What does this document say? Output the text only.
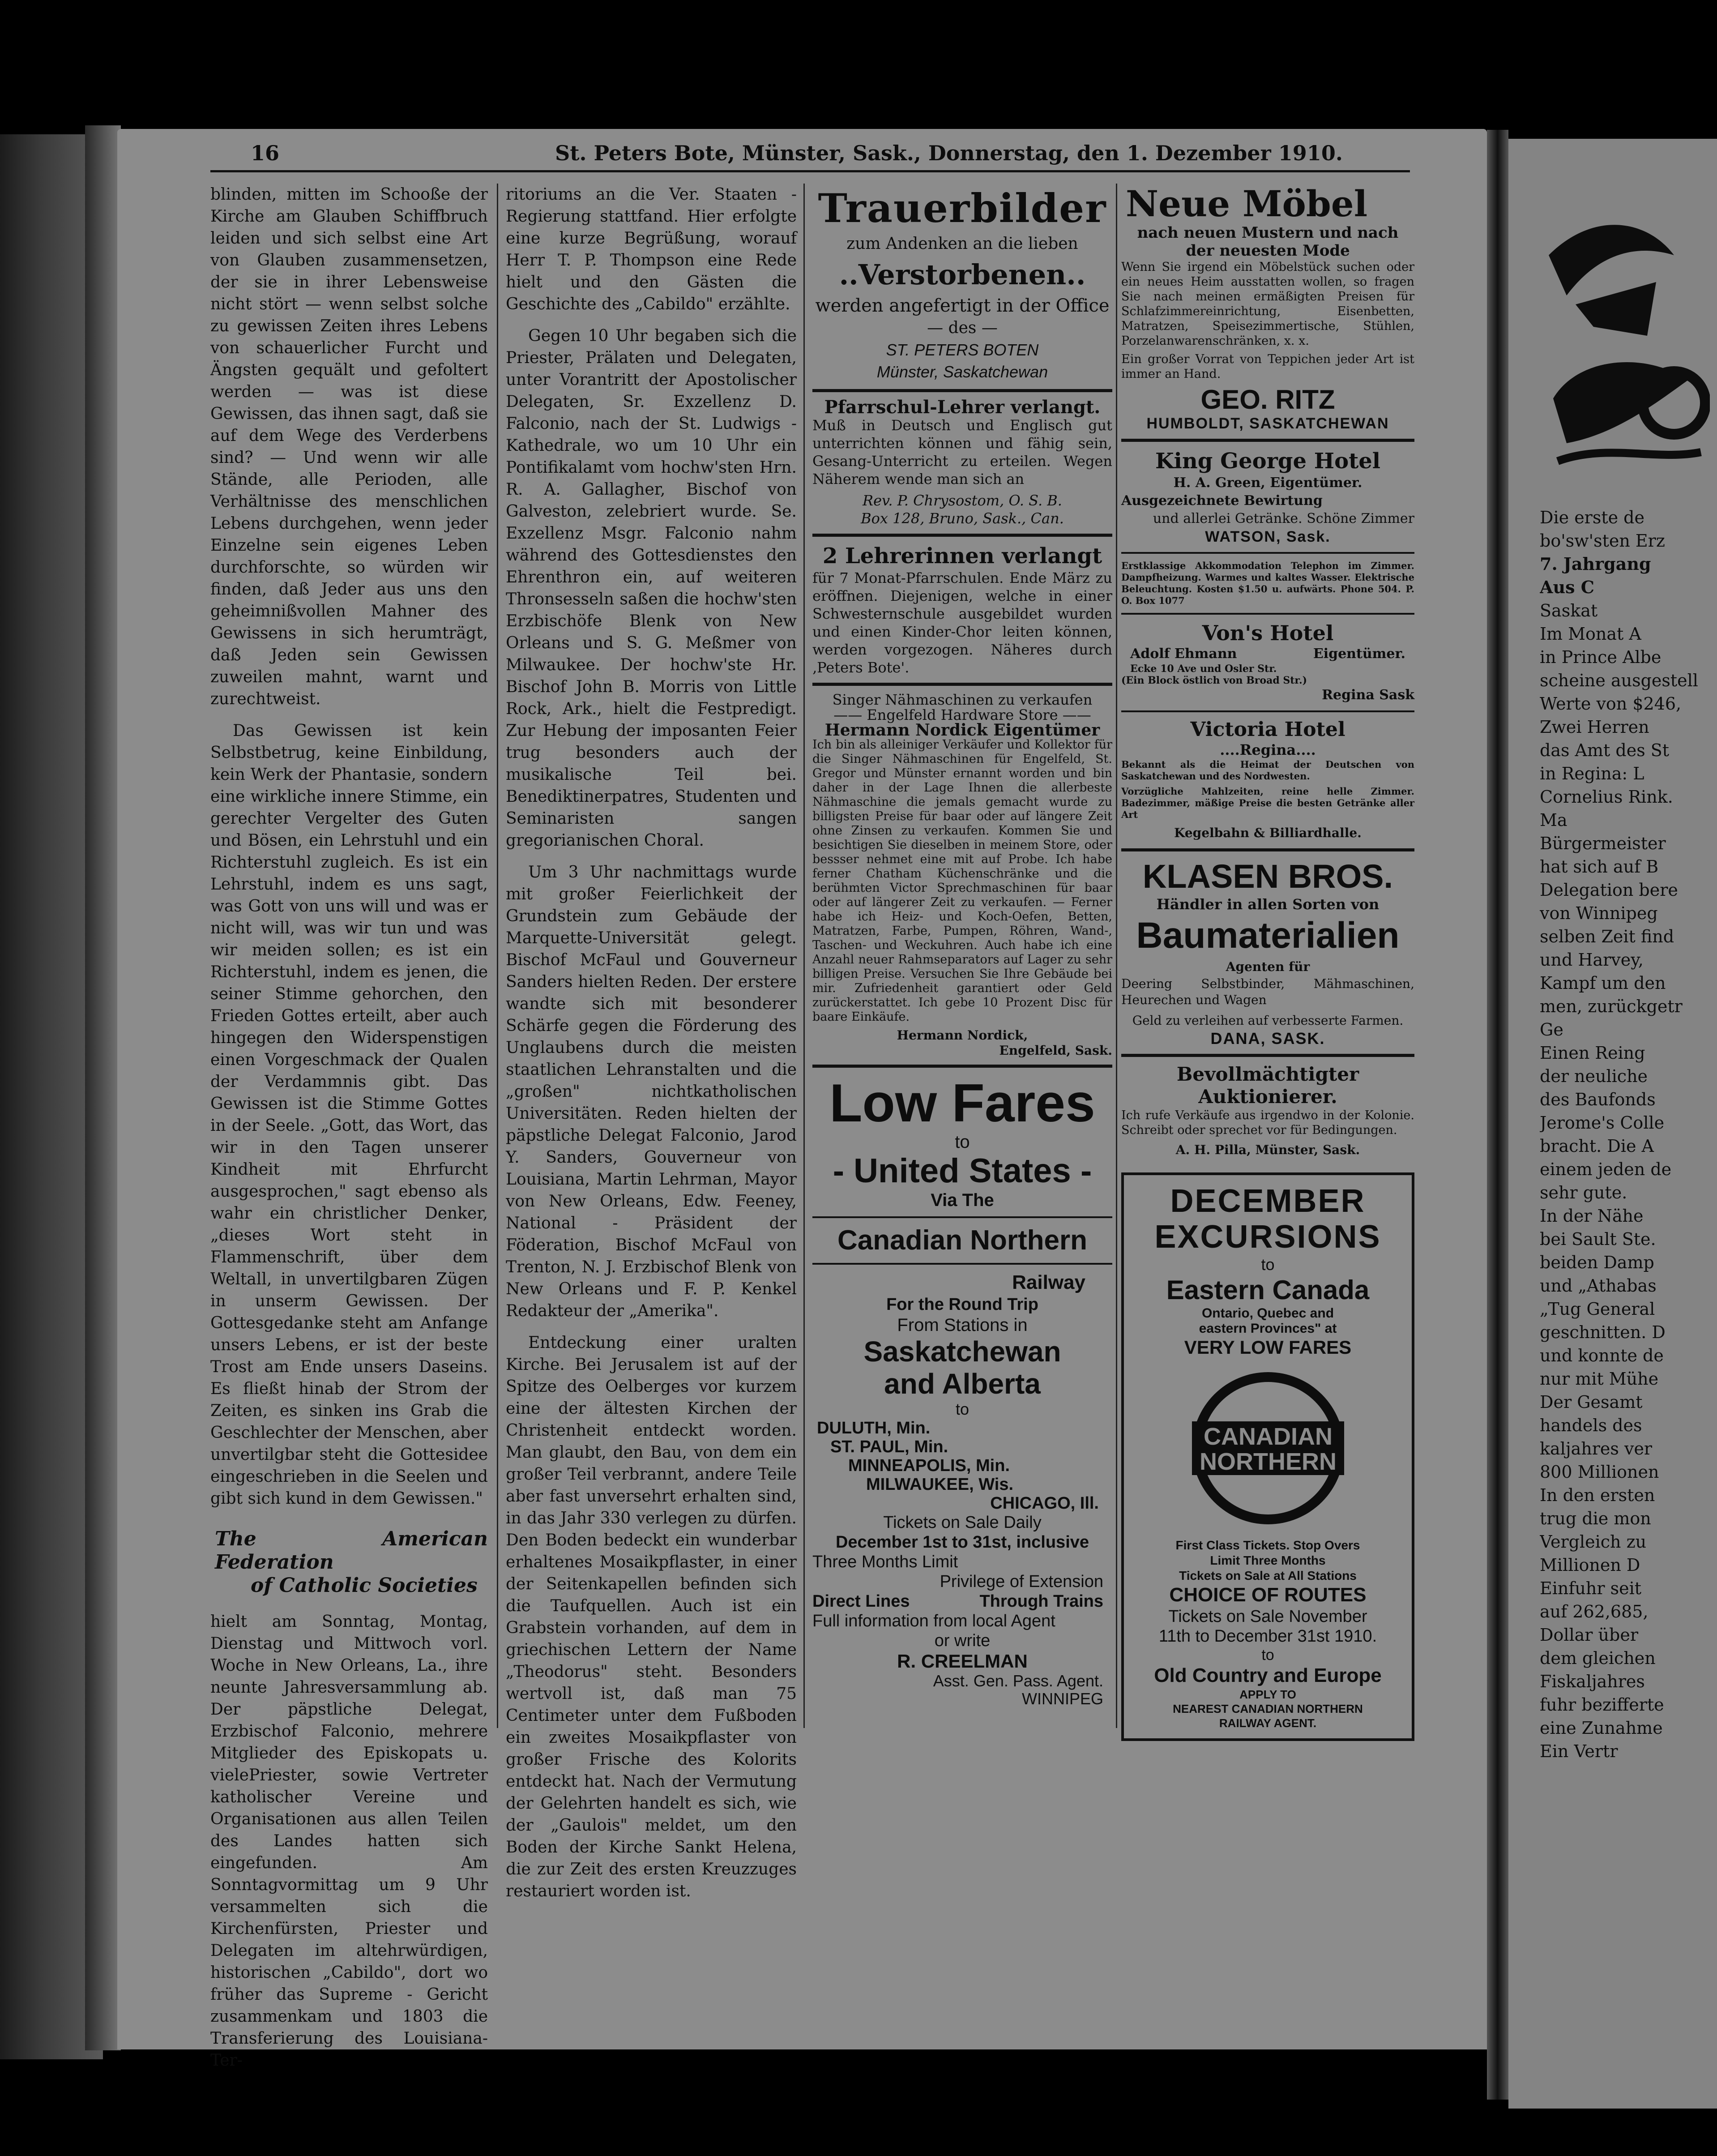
16	St. Peters Bote, Münster, Sask., Donnerstag, den 1. Dezember 1910.

blinden, mitten im Schooße der Kirche am Glauben Schiffbruch leiden und sich selbst eine Art von Glauben zusammensetzen, der sie in ihrer Lebensweise nicht stört — wenn selbst solche zu gewissen Zeiten ihres Lebens von schauerlicher Furcht und Ängsten gequält und gefoltert werden — was ist diese Gewissen, das ihnen sagt, daß sie auf dem Wege des Verderbens sind? — Und wenn wir alle Stände, alle Perioden, alle Verhältnisse des menschlichen Lebens durchgehen, wenn jeder Einzelne sein eigenes Leben durchforschte, so würden wir finden, daß Jeder aus uns den geheimnißvollen Mahner des Gewissens in sich herumträgt, daß Jeden sein Gewissen zuweilen mahnt, warnt und zurechtweist.

Das Gewissen ist kein Selbstbetrug, keine Einbildung, kein Werk der Phantasie, sondern eine wirkliche innere Stimme, ein gerechter Vergelter des Guten und Bösen, ein Lehrstuhl und ein Richterstuhl zugleich. Es ist ein Lehrstuhl, indem es uns sagt, was Gott von uns will und was er nicht will, was wir tun und was wir meiden sollen; es ist ein Richterstuhl, indem es jenen, die seiner Stimme gehorchen, den Frieden Gottes erteilt, aber auch hingegen den Widerspenstigen einen Vorgeschmack der Qualen der Verdammnis gibt. Das Gewissen ist die Stimme Gottes in der Seele. „Gott, das Wort, das wir in den Tagen unserer Kindheit mit Ehrfurcht ausgesprochen," sagt ebenso als wahr ein christlicher Denker, „dieses Wort steht in Flammenschrift, über dem Weltall, in unvertilgbaren Zügen in unserm Gewissen. Der Gottesgedanke steht am Anfange unsers Lebens, er ist der beste Trost am Ende unsers Daseins. Es fließt hinab der Strom der Zeiten, es sinken ins Grab die Geschlechter der Menschen, aber unvertilgbar steht die Gottesidee eingeschrieben in die Seelen und gibt sich kund in dem Gewissen."

The American Federation
of Catholic Societies

hielt am Sonntag, Montag, Dienstag und Mittwoch vorl. Woche in New Orleans, La., ihre neunte Jahresversammlung ab. Der päpstliche Delegat, Erzbischof Falconio, mehrere Mitglieder des Episkopats u. vielePriester, sowie Vertreter katholischer Vereine und Organisationen aus allen Teilen des Landes hatten sich eingefunden. Am Sonntagvormittag um 9 Uhr versammelten sich die Kirchenfürsten, Priester und Delegaten im altehrwürdigen, historischen „Cabildo", dort wo früher das Supreme - Gericht zusammenkam und 1803 die Transferierung des Louisiana-Ter-

ritoriums an die Ver. Staaten - Regierung stattfand. Hier erfolgte eine kurze Begrüßung, worauf Herr T. P. Thompson eine Rede hielt und den Gästen die Geschichte des „Cabildo" erzählte.

Gegen 10 Uhr begaben sich die Priester, Prälaten und Delegaten, unter Vorantritt der Apostolischer Delegaten, Sr. Exzellenz D. Falconio, nach der St. Ludwigs - Kathedrale, wo um 10 Uhr ein Pontifikalamt vom hochw'sten Hrn. R. A. Gallagher, Bischof von Galveston, zelebriert wurde. Se. Exzellenz Msgr. Falconio nahm während des Gottesdienstes den Ehrenthron ein, auf weiteren Thronsesseln saßen die hochw'sten Erzbischöfe Blenk von New Orleans und S. G. Meßmer von Milwaukee. Der hochw'ste Hr. Bischof John B. Morris von Little Rock, Ark., hielt die Festpredigt. Zur Hebung der imposanten Feier trug besonders auch der musikalische Teil bei. Benediktinerpatres, Studenten und Seminaristen sangen gregorianischen Choral.

Um 3 Uhr nachmittags wurde mit großer Feierlichkeit der Grundstein zum Gebäude der Marquette-Universität gelegt. Bischof McFaul und Gouverneur Sanders hielten Reden. Der erstere wandte sich mit besonderer Schärfe gegen die Förderung des Unglaubens durch die meisten staatlichen Lehranstalten und die „großen" nichtkatholischen Universitäten. Reden hielten der päpstliche Delegat Falconio, Jarod Y. Sanders, Gouverneur von Louisiana, Martin Lehrman, Mayor von New Orleans, Edw. Feeney, National - Präsident der Föderation, Bischof McFaul von Trenton, N. J. Erzbischof Blenk von New Orleans und F. P. Kenkel Redakteur der „Amerika".

Entdeckung einer uralten Kirche. Bei Jerusalem ist auf der Spitze des Oelberges vor kurzem eine der ältesten Kirchen der Christenheit entdeckt worden. Man glaubt, den Bau, von dem ein großer Teil verbrannt, andere Teile aber fast unversehrt erhalten sind, in das Jahr 330 verlegen zu dürfen. Den Boden bedeckt ein wunderbar erhaltenes Mosaikpflaster, in einer der Seitenkapellen befinden sich die Taufquellen. Auch ist ein Grabstein vorhanden, auf dem in griechischen Lettern der Name „Theodorus" steht. Besonders wertvoll ist, daß man 75 Centimeter unter dem Fußboden ein zweites Mosaikpflaster von großer Frische des Kolorits entdeckt hat. Nach der Vermutung der Gelehrten handelt es sich, wie der „Gaulois" meldet, um den Boden der Kirche Sankt Helena, die zur Zeit des ersten Kreuzzuges restauriert worden ist.

Trauerbilder
zum Andenken an die lieben
..Verstorbenen..
werden angefertigt in der Office
— des —
ST. PETERS BOTEN
Münster, Saskatchewan
Pfarrschul-Lehrer verlangt.

Muß in Deutsch und Englisch gut unterrichten können und fähig sein, Gesang-Unterricht zu erteilen. Wegen Näherem wende man sich an

Rev. P. Chrysostom, O. S. B.
Box 128, Bruno, Sask., Can.
2 Lehrerinnen verlangt

für 7 Monat-Pfarrschulen. Ende März zu eröffnen. Diejenigen, welche in einer Schwesternschule ausgebildet wurden und einen Kinder-Chor leiten können, werden vorgezogen. Näheres durch ‚Peters Bote'.

Singer Nähmaschinen zu verkaufen
—— Engelfeld Hardware Store ——
Hermann Nordick Eigentümer

Ich bin als alleiniger Verkäufer und Kollektor für die Singer Nähmaschinen für Engelfeld, St. Gregor und Münster ernannt worden und bin daher in der Lage Ihnen die allerbeste Nähmaschine die jemals gemacht wurde zu billigsten Preise für baar oder auf längere Zeit ohne Zinsen zu verkaufen. Kommen Sie und besichtigen Sie dieselben in meinem Store, oder bessser nehmet eine mit auf Probe. Ich habe ferner Chatham Küchenschränke und die berühmten Victor Sprechmaschinen für baar oder auf längerer Zeit zu verkaufen. — Ferner habe ich Heiz- und Koch-Oefen, Betten, Matratzen, Farbe, Pumpen, Röhren, Wand-, Taschen- und Weckuhren. Auch habe ich eine Anzahl neuer Rahmseparators auf Lager zu sehr billigen Preise. Versuchen Sie Ihre Gebäude bei mir. Zufriedenheit garantiert oder Geld zurückerstattet. Ich gebe 10 Prozent Disc für baare Einkäufe.

Hermann Nordick,
Engelfeld, Sask.
Low Fares
to
- United States -
Via The
Canadian Northern
Railway
For the Round Trip
From Stations in
Saskatchewan
and Alberta
to
DULUTH, Min.
ST. PAUL, Min.
MINNEAPOLIS, Min.
MILWAUKEE, Wis.
CHICAGO, Ill.
Tickets on Sale Daily
December 1st to 31st, inclusive
Three Months Limit
Privilege of Extension
Direct Lines	Through Trains
Full information from local Agent
or write
R. CREELMAN
Asst. Gen. Pass. Agent.
WINNIPEG
Neue Möbel
nach neuen Mustern und nach der neuesten Mode

Wenn Sie irgend ein Möbelstück suchen oder ein neues Heim ausstatten wollen, so fragen Sie nach meinen ermäßigten Preisen für Schlafzimmereinrichtung, Eisenbetten, Matratzen, Speisezimmertische, Stühlen, Porzelanwarenschränken, x. x.

Ein großer Vorrat von Teppichen jeder Art ist immer an Hand.

GEO. RITZ
HUMBOLDT, SASKATCHEWAN
King George Hotel
H. A. Green, Eigentümer.
Ausgezeichnete Bewirtung
und allerlei Getränke. Schöne Zimmer
WATSON, Sask.

Erstklassige Akkommodation Telephon im Zimmer. Dampfheizung. Warmes und kaltes Wasser. Elektrische Beleuchtung. Kosten $1.50 u. aufwärts. Phone 504. P. O. Box 1077

Von's Hotel
Adolf Ehmann	Eigentümer.
Ecke 10 Ave und Osler Str.
(Ein Block östlich von Broad Str.)
Regina Sask
Victoria Hotel
....Regina....

Bekannt als die Heimat der Deutschen von Saskatchewan und des Nordwesten.

Vorzügliche Mahlzeiten, reine helle Zimmer. Badezimmer, mäßige Preise die besten Getränke aller Art

Kegelbahn & Billiardhalle.
KLASEN BROS.
Händler in allen Sorten von
Baumaterialien
Agenten für

Deering Selbstbinder, Mähmaschinen, Heurechen und Wagen

Geld zu verleihen auf verbesserte Farmen.
DANA, SASK.
Bevollmächtigter Auktionierer.

Ich rufe Verkäufe aus irgendwo in der Kolonie. Schreibt oder sprechet vor für Bedingungen.

A. H. Pilla, Münster, Sask.
DECEMBER
EXCURSIONS
to
Eastern Canada
Ontario, Quebec and
eastern Provinces" at
VERY LOW FARES
CANADIAN
NORTHERN
First Class Tickets. Stop Overs
Limit Three Months
Tickets on Sale at All Stations
CHOICE OF ROUTES
Tickets on Sale November
11th to December 31st 1910.
to
Old Country and Europe
APPLY TO
NEAREST CANADIAN NORTHERN
RAILWAY AGENT.
Die erste de
bo'sw'sten Erz
7. Jahrgang
Aus C
Saskat
Im Monat A
in Prince Albe
scheine ausgestell
Werte von $246,
Zwei Herren
das Amt des St
in Regina: L
Cornelius Rink.
Ma
Bürgermeister
hat sich auf B
Delegation bere
von Winnipeg
selben Zeit find
und Harvey,
Kampf um den
men, zurückgetr
Ge
Einen Reing
der neuliche
des Baufonds
Jerome's Colle
bracht. Die A
einem jeden de
sehr gute.
In der Nähe
bei Sault Ste.
beiden Damp
und „Athabas
„Tug General
geschnitten. D
und konnte de
nur mit Mühe
Der Gesamt
handels des
kaljahres ver
800 Millionen
In den ersten
trug die mon
Vergleich zu
Millionen D
Einfuhr seit
auf 262,685,
Dollar über
dem gleichen
Fiskaljahres
fuhr bezifferte
eine Zunahme
Ein Vertr
